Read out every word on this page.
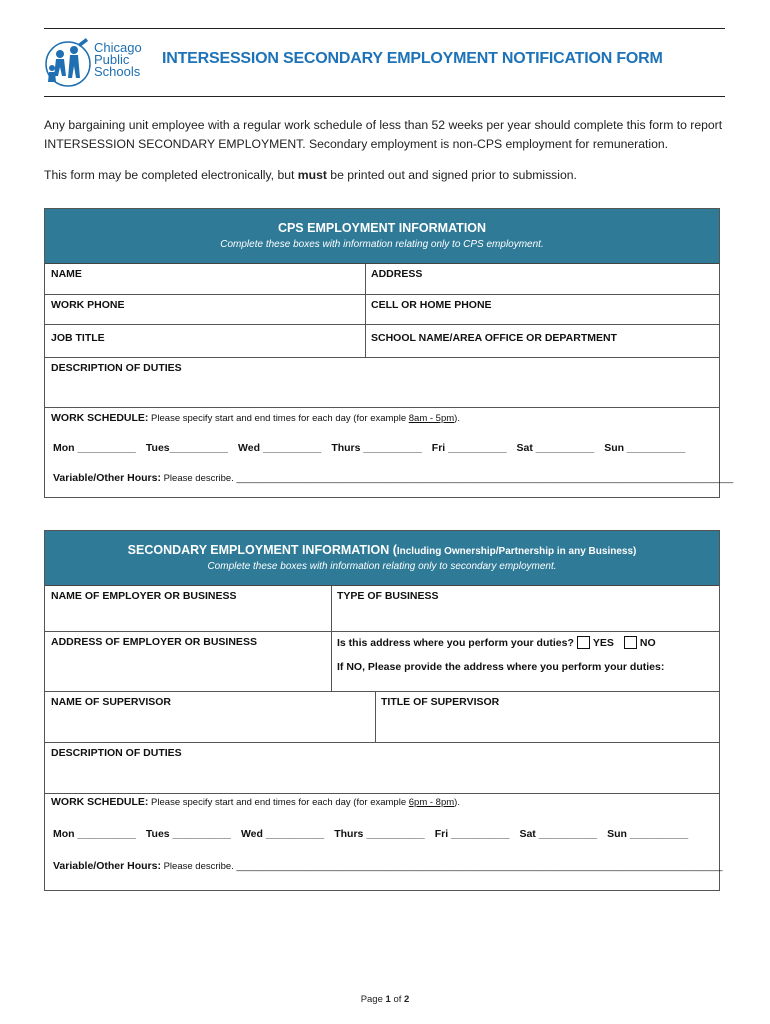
Chicago
Public
Schools
INTERSESSION SECONDARY EMPLOYMENT NOTIFICATION FORM
Any bargaining unit employee with a regular work schedule of less than 52 weeks per year should complete this form to report INTERSESSION SECONDARY EMPLOYMENT. Secondary employment is non-CPS employment for remuneration.
This form may be completed electronically, but must be printed out and signed prior to submission.
CPS EMPLOYMENT INFORMATION
Complete these boxes with information relating only to CPS employment.
NAME	ADDRESS
WORK PHONE	CELL OR HOME PHONE
JOB TITLE	SCHOOL NAME/AREA OFFICE OR DEPARTMENT
DESCRIPTION OF DUTIES
WORK SCHEDULE: Please specify start and end times for each day (for example 8am - 5pm).
Mon __________ Tues__________ Wed __________ Thurs __________ Fri __________ Sat __________ Sun __________
Variable/Other Hours: Please describe. ______________________________________________________________________________________________
SECONDARY EMPLOYMENT INFORMATION (Including Ownership/Partnership in any Business)
Complete these boxes with information relating only to secondary employment.
NAME OF EMPLOYER OR BUSINESS	TYPE OF BUSINESS
ADDRESS OF EMPLOYER OR BUSINESS	Is this address where you perform your duties? YES NO
If NO, Please provide the address where you perform your duties:
NAME OF SUPERVISOR	TITLE OF SUPERVISOR
DESCRIPTION OF DUTIES
WORK SCHEDULE: Please specify start and end times for each day (for example 6pm - 8pm).
Mon __________ Tues __________ Wed __________ Thurs __________ Fri __________ Sat __________ Sun __________
Variable/Other Hours: Please describe. ____________________________________________________________________________________________
Page 1 of 2
